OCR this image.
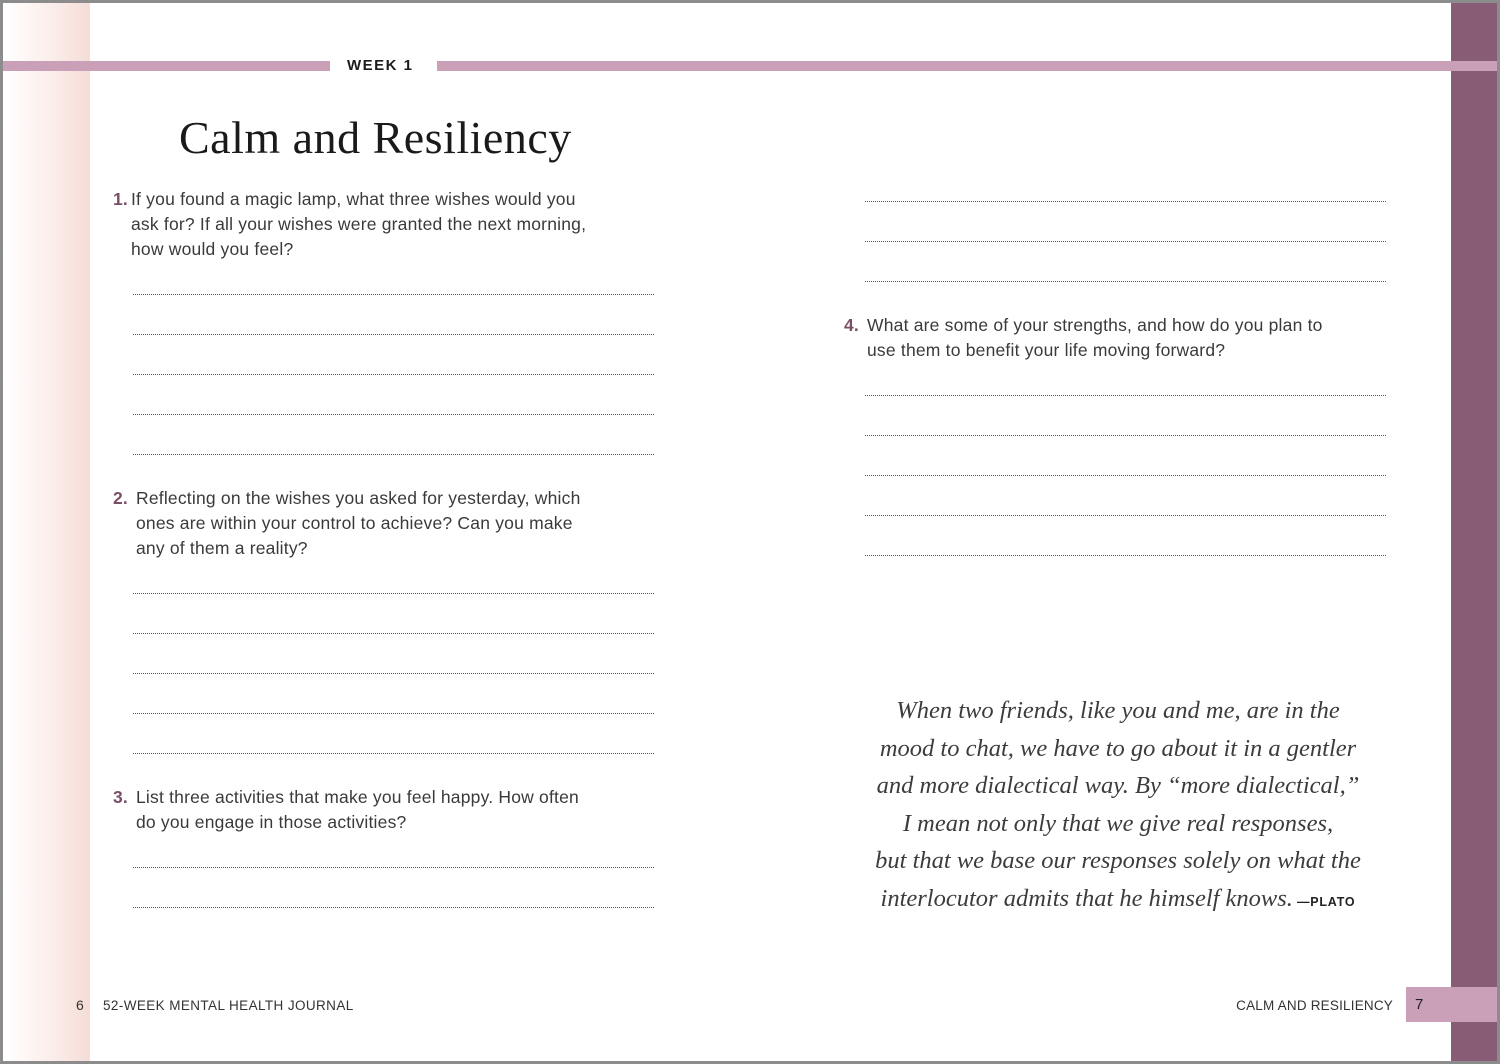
WEEK 1
Calm and Resiliency
1. If you found a magic lamp, what three wishes would you
ask for? If all your wishes were granted the next morning,
how would you feel?
2. Reflecting on the wishes you asked for yesterday, which
ones are within your control to achieve? Can you make
any of them a reality?
3. List three activities that make you feel happy. How often
do you engage in those activities?
4. What are some of your strengths, and how do you plan to
use them to benefit your life moving forward?
When two friends, like you and me, are in the
mood to chat, we have to go about it in a gentler
and more dialectical way. By “more dialectical,”
I mean not only that we give real responses,
but that we base our responses solely on what the
interlocutor admits that he himself knows. —PLATO
6 52-WEEK MENTAL HEALTH JOURNAL	CALM AND RESILIENCY 7
